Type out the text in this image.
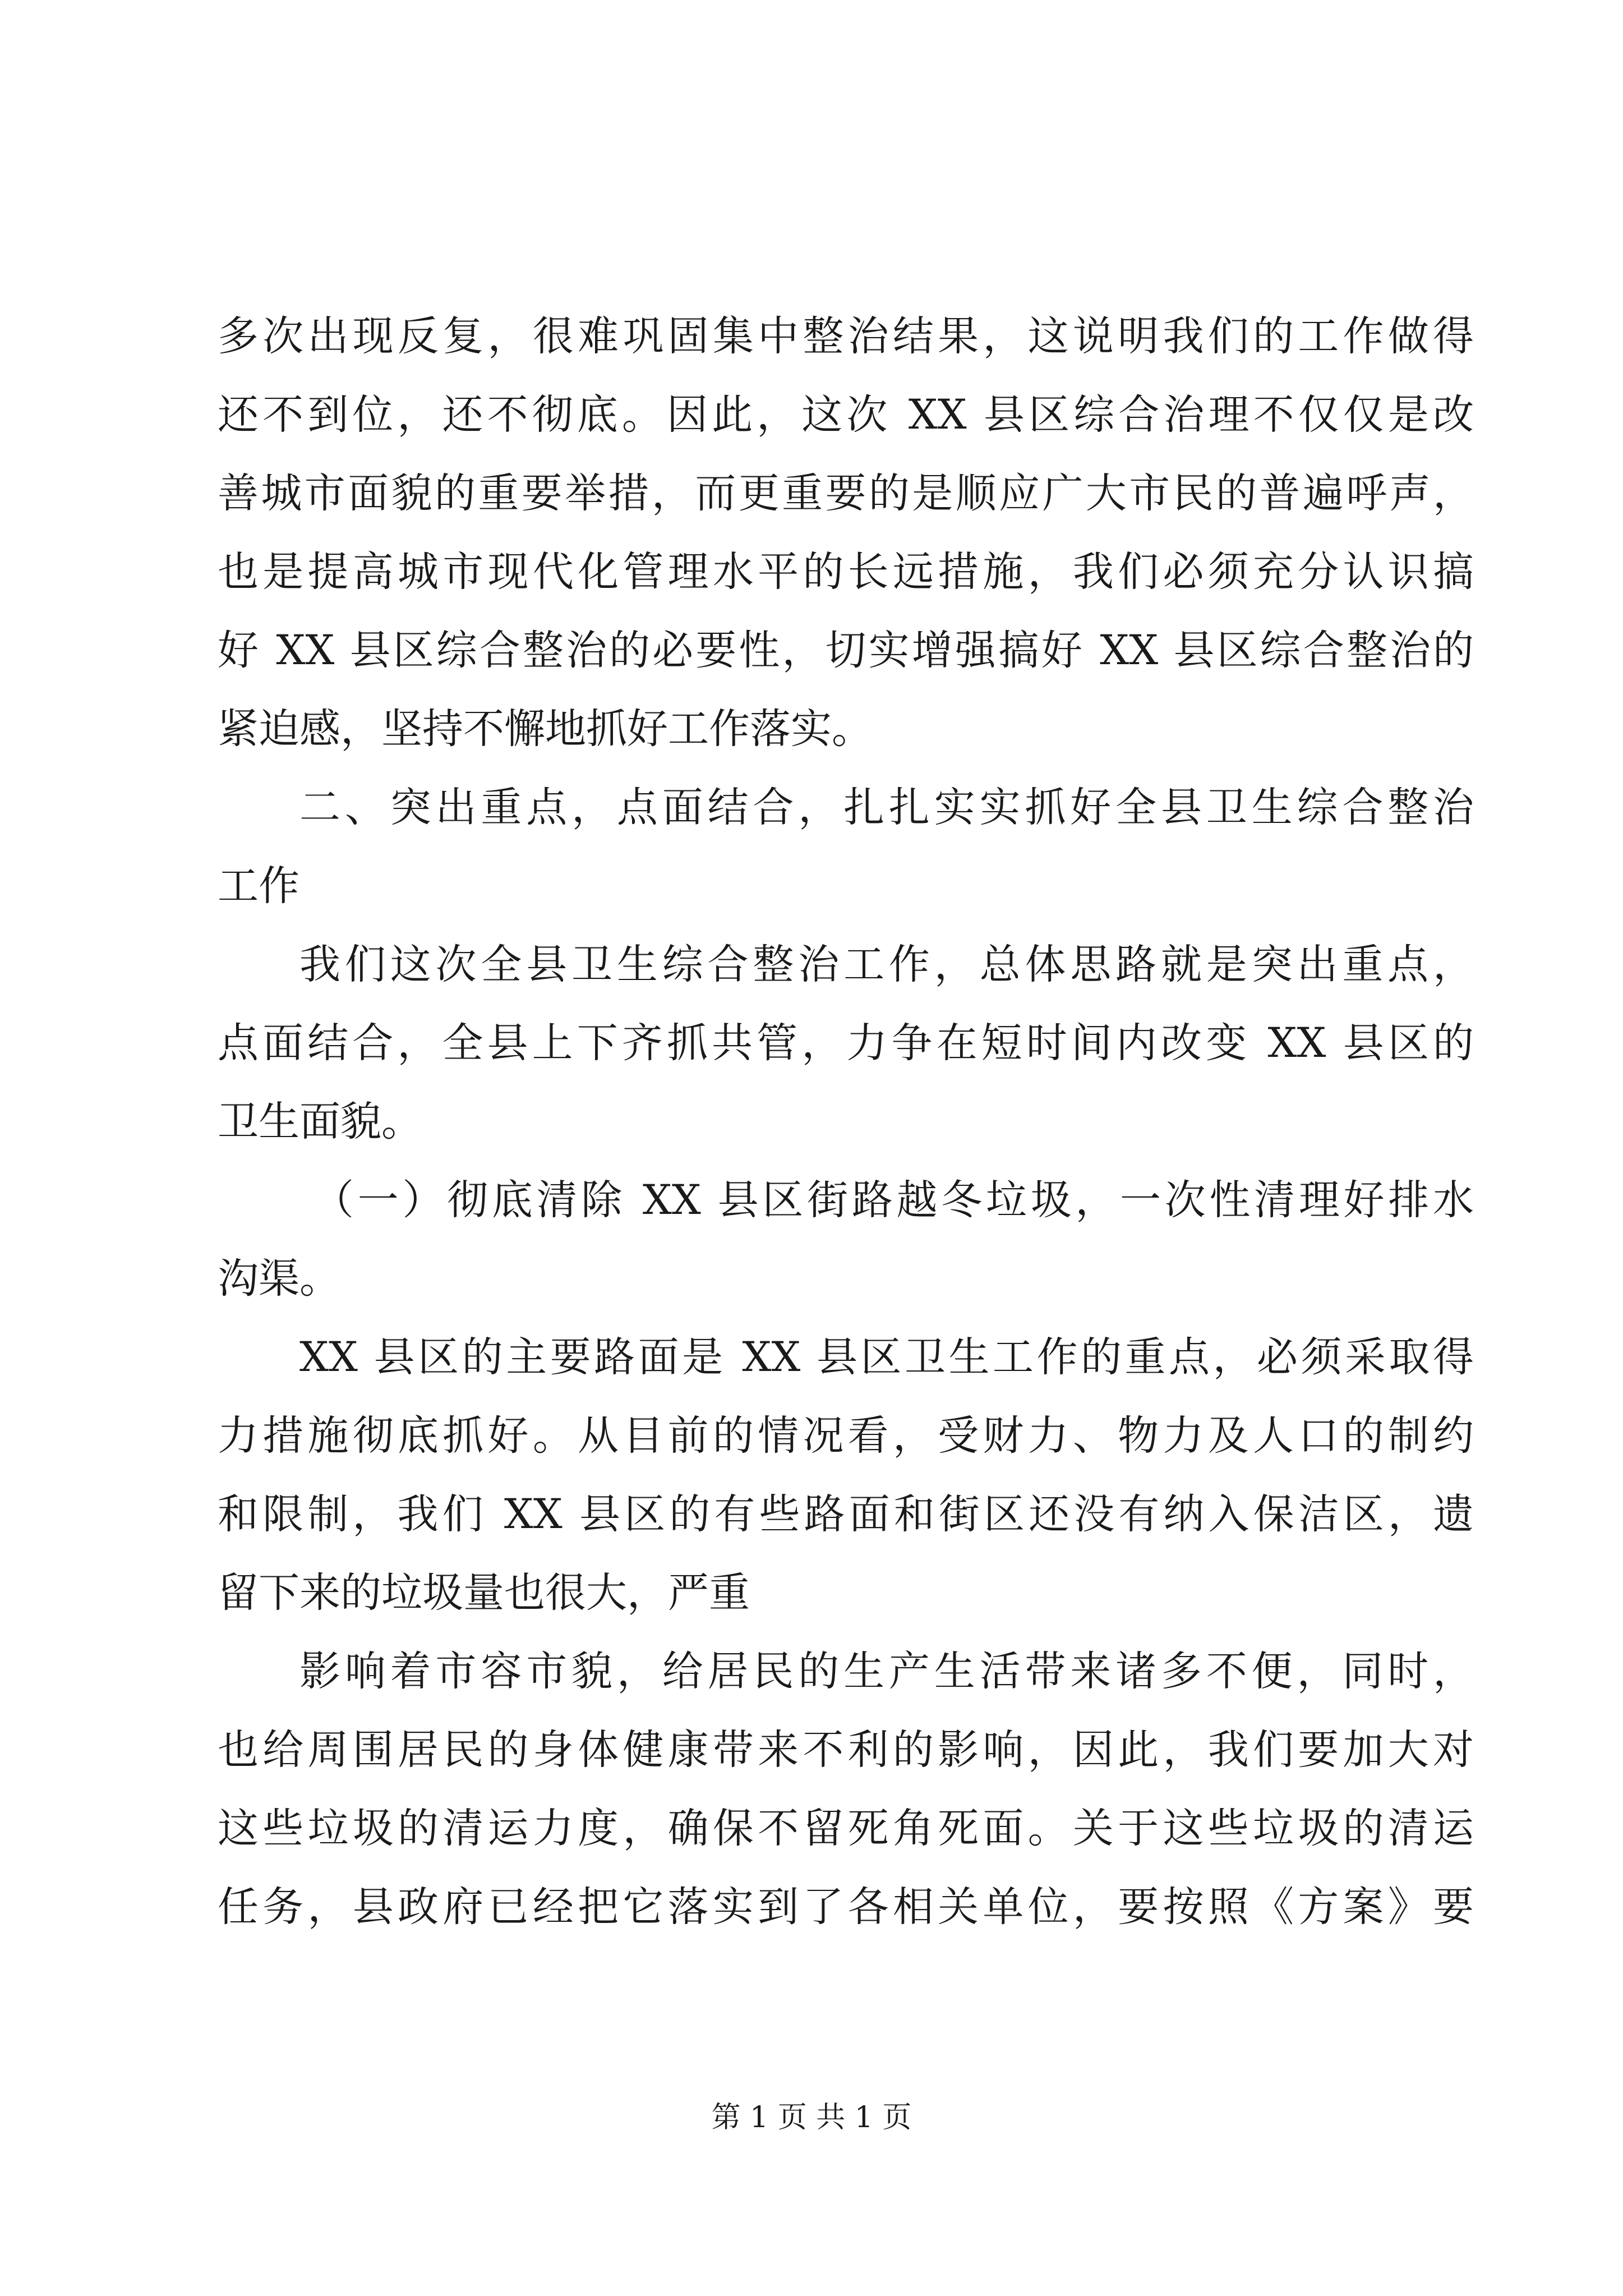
多次出现反复，很难巩固集中整治结果，这说明我们的工作做得
还不到位，还不彻底。因此，这次 XX 县区综合治理不仅仅是改
善城市面貌的重要举措，而更重要的是顺应广大市民的普遍呼声，
也是提高城市现代化管理水平的长远措施，我们必须充分认识搞
好 XX 县区综合整治的必要性，切实增强搞好 XX 县区综合整治的
紧迫感，坚持不懈地抓好工作落实。
二、突出重点，点面结合，扎扎实实抓好全县卫生综合整治
工作
我们这次全县卫生综合整治工作，总体思路就是突出重点，
点面结合，全县上下齐抓共管，力争在短时间内改变 XX 县区的
卫生面貌。
（一）彻底清除 XX 县区街路越冬垃圾，一次性清理好排水
沟渠。
XX 县区的主要路面是 XX 县区卫生工作的重点，必须采取得
力措施彻底抓好。从目前的情况看，受财力、物力及人口的制约
和限制，我们 XX 县区的有些路面和街区还没有纳入保洁区，遗
留下来的垃圾量也很大，严重
影响着市容市貌，给居民的生产生活带来诸多不便，同时，
也给周围居民的身体健康带来不利的影响，因此，我们要加大对
这些垃圾的清运力度，确保不留死角死面。关于这些垃圾的清运
任务，县政府已经把它落实到了各相关单位，要按照《方案》要
第 1 页 共 1 页
